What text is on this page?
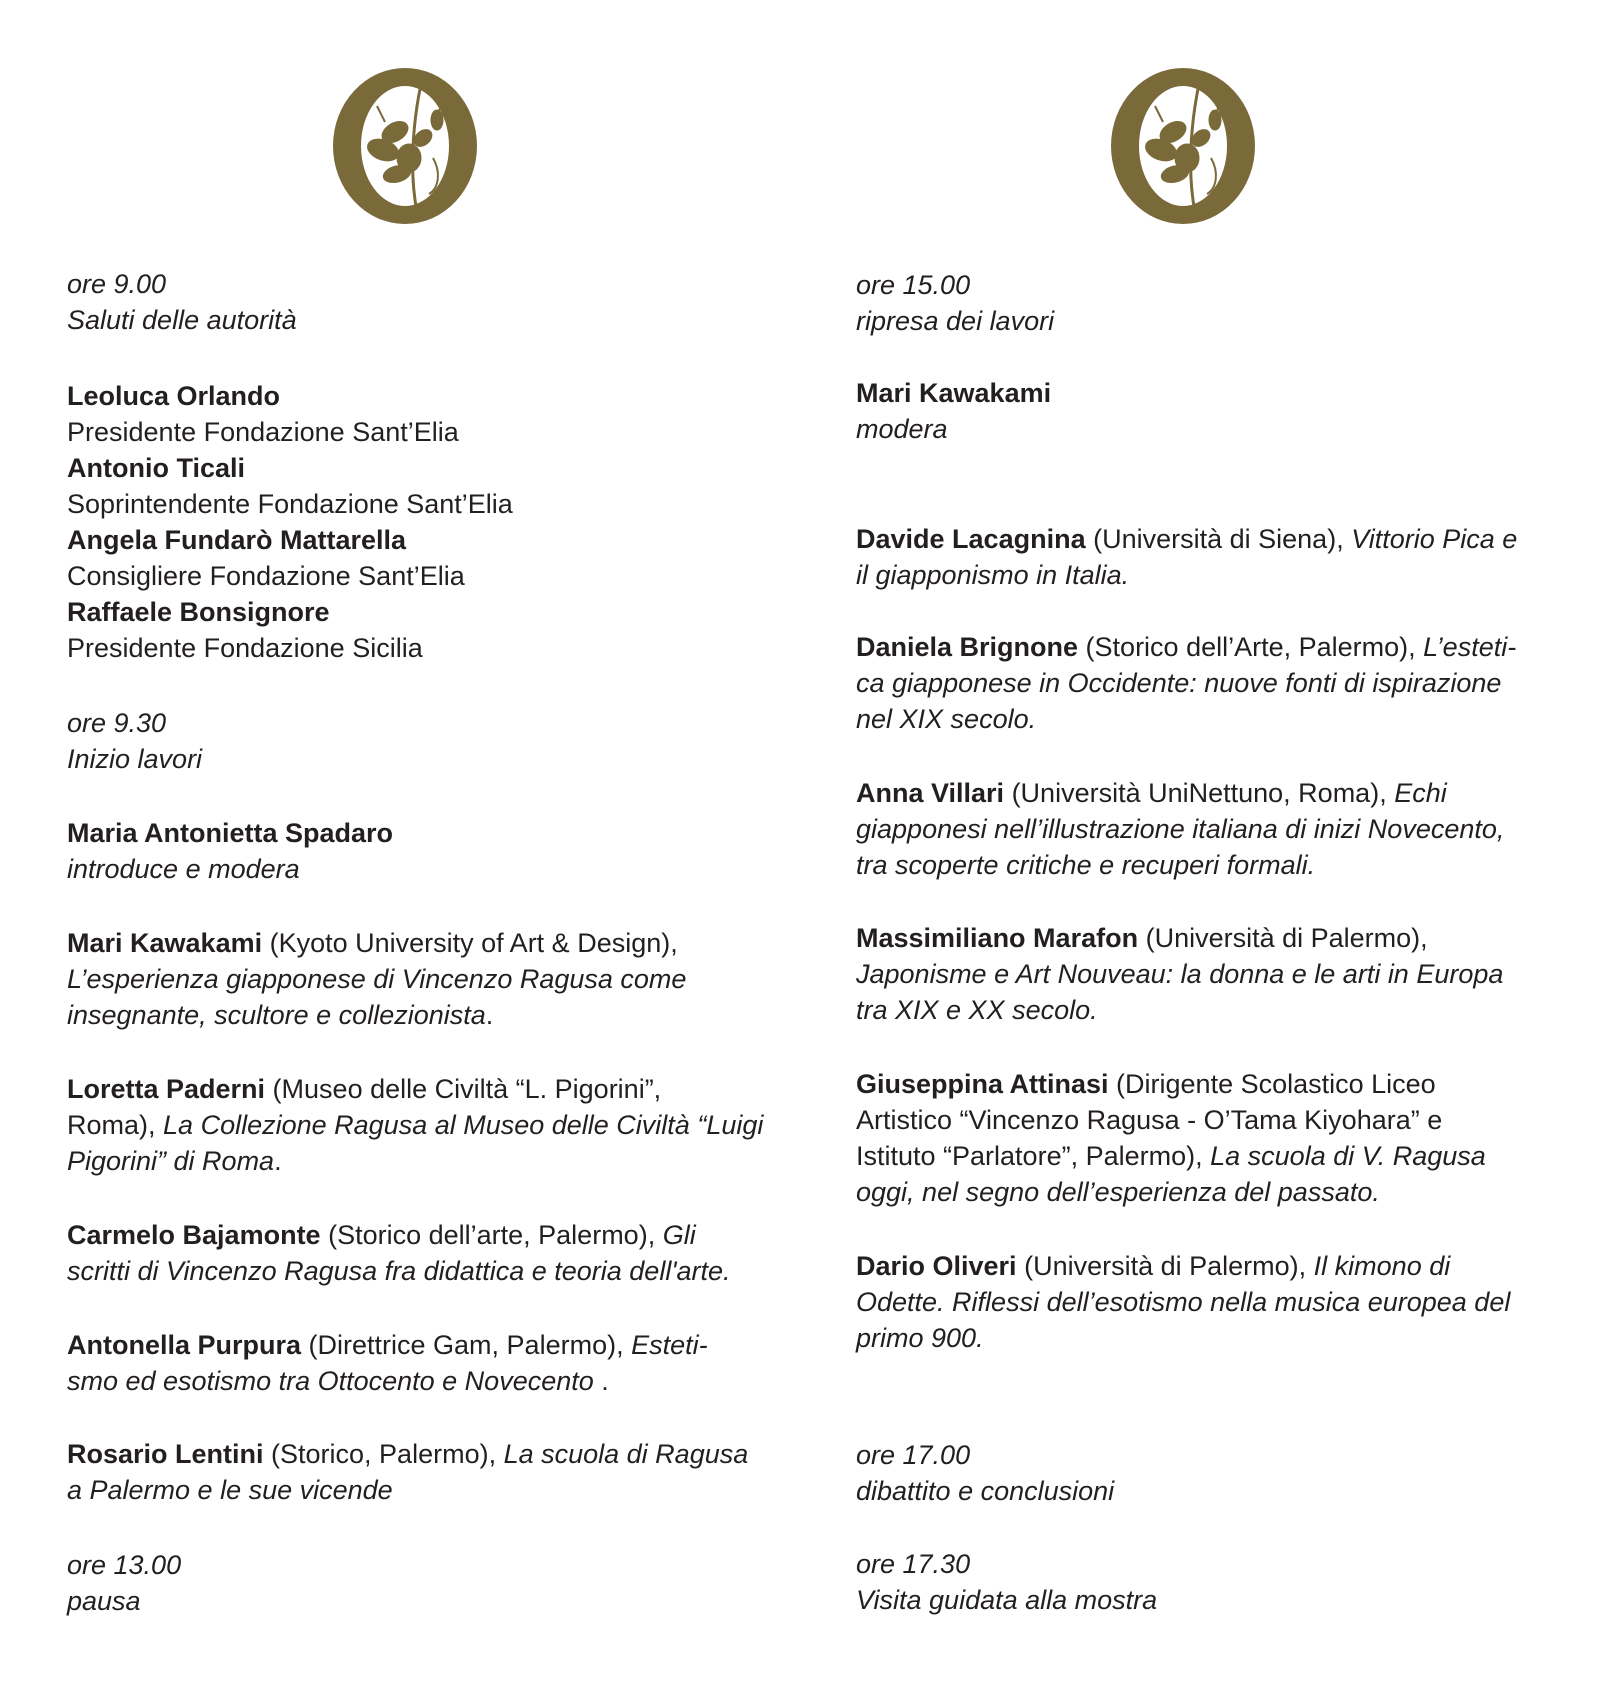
ore 9.00
Saluti delle autorità
Leoluca Orlando
Presidente Fondazione Sant’Elia
Antonio Ticali
Soprintendente Fondazione Sant’Elia
Angela Fundarò Mattarella
Consigliere Fondazione Sant’Elia
Raffaele Bonsignore
Presidente Fondazione Sicilia
ore 9.30
Inizio lavori
Maria Antonietta Spadaro
introduce e modera
Mari Kawakami (Kyoto University of Art & Design),
L’esperienza giapponese di Vincenzo Ragusa come
insegnante, scultore e collezionista.
Loretta Paderni (Museo delle Civiltà “L. Pigorini”,
Roma), La Collezione Ragusa al Museo delle Civiltà “Luigi
Pigorini” di Roma.
Carmelo Bajamonte (Storico dell’arte, Palermo), Gli
scritti di Vincenzo Ragusa fra didattica e teoria dell'arte.
Antonella Purpura (Direttrice Gam, Palermo), Esteti-
smo ed esotismo tra Ottocento e Novecento .
Rosario Lentini (Storico, Palermo), La scuola di Ragusa
a Palermo e le sue vicende
ore 13.00
pausa
ore 15.00
ripresa dei lavori
Mari Kawakami
modera
Davide Lacagnina (Università di Siena), Vittorio Pica e
il giapponismo in Italia.
Daniela Brignone (Storico dell’Arte, Palermo), L’esteti-
ca giapponese in Occidente: nuove fonti di ispirazione
nel XIX secolo.
Anna Villari (Università UniNettuno, Roma), Echi
giapponesi nell’illustrazione italiana di inizi Novecento,
tra scoperte critiche e recuperi formali.
Massimiliano Marafon (Università di Palermo),
Japonisme e Art Nouveau: la donna e le arti in Europa
tra XIX e XX secolo.
Giuseppina Attinasi (Dirigente Scolastico Liceo
Artistico “Vincenzo Ragusa - O’Tama Kiyohara” e
Istituto “Parlatore”, Palermo), La scuola di V. Ragusa
oggi, nel segno dell’esperienza del passato.
Dario Oliveri (Università di Palermo), Il kimono di
Odette. Riflessi dell’esotismo nella musica europea del
primo 900.
ore 17.00
dibattito e conclusioni
ore 17.30
Visita guidata alla mostra
